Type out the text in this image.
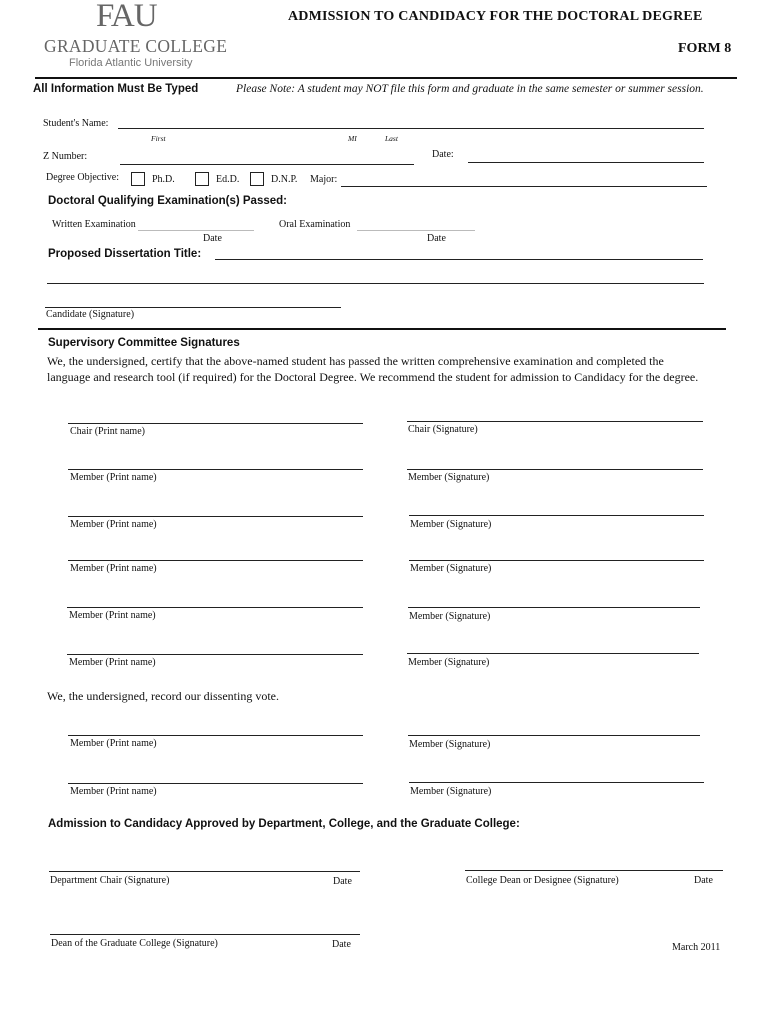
FAU
GRADUATE COLLEGE
Florida Atlantic University
ADMISSION TO CANDIDACY FOR THE DOCTORAL DEGREE
FORM 8
All Information Must Be Typed	Please Note: A student may NOT file this form and graduate in the same semester or summer session.
Student's Name:
First	MI	Last
Z Number:	Date:
Degree Objective:	Ph.D.	Ed.D.	D.N.P. Major:
Doctoral Qualifying Examination(s) Passed:
Written Examination
Date
Oral Examination
Date
Proposed Dissertation Title:
Candidate (Signature)
Supervisory Committee Signatures
We, the undersigned, certify that the above-named student has passed the written comprehensive examination and completed the language and research tool (if required) for the Doctoral Degree. We recommend the student for admission to Candidacy for the degree.
Chair (Print name)	Chair (Signature)
Member (Print name)	Member (Signature)
Member (Print name)	Member (Signature)
Member (Print name)	Member (Signature)
Member (Print name)	Member (Signature)
Member (Print name)	Member (Signature)
We, the undersigned, record our dissenting vote.
Member (Print name)	Member (Signature)
Member (Print name)	Member (Signature)
Admission to Candidacy Approved by Department, College, and the Graduate College:
Department Chair (Signature)	Date	College Dean or Designee (Signature)	Date
Dean of the Graduate College (Signature)	Date	March 2011
